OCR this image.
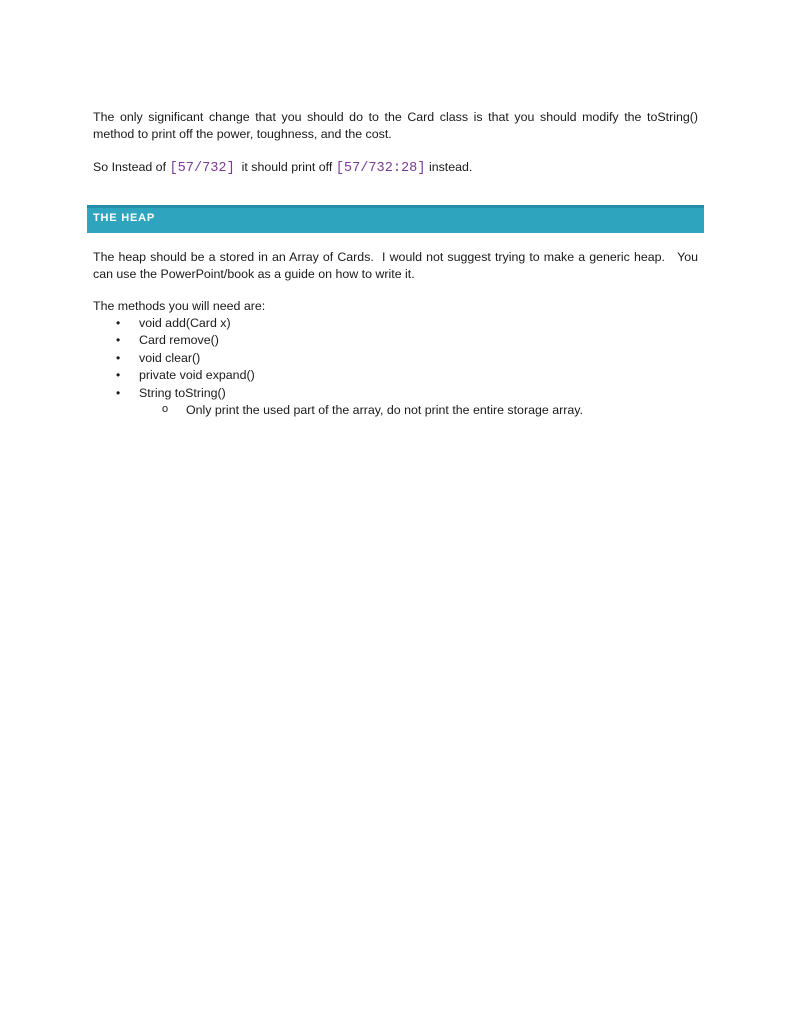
The only significant change that you should do to the Card class is that you should modify the toString() method to print off the power, toughness, and the cost.
So Instead of [57/732]  it should print off [57/732:28] instead.
THE HEAP
The heap should be a stored in an Array of Cards.  I would not suggest trying to make a generic heap.   You can use the PowerPoint/book as a guide on how to write it.
The methods you will need are:
• void add(Card x)
• Card remove()
• void clear()
• private void expand()
• String toString()
o Only print the used part of the array, do not print the entire storage array.
